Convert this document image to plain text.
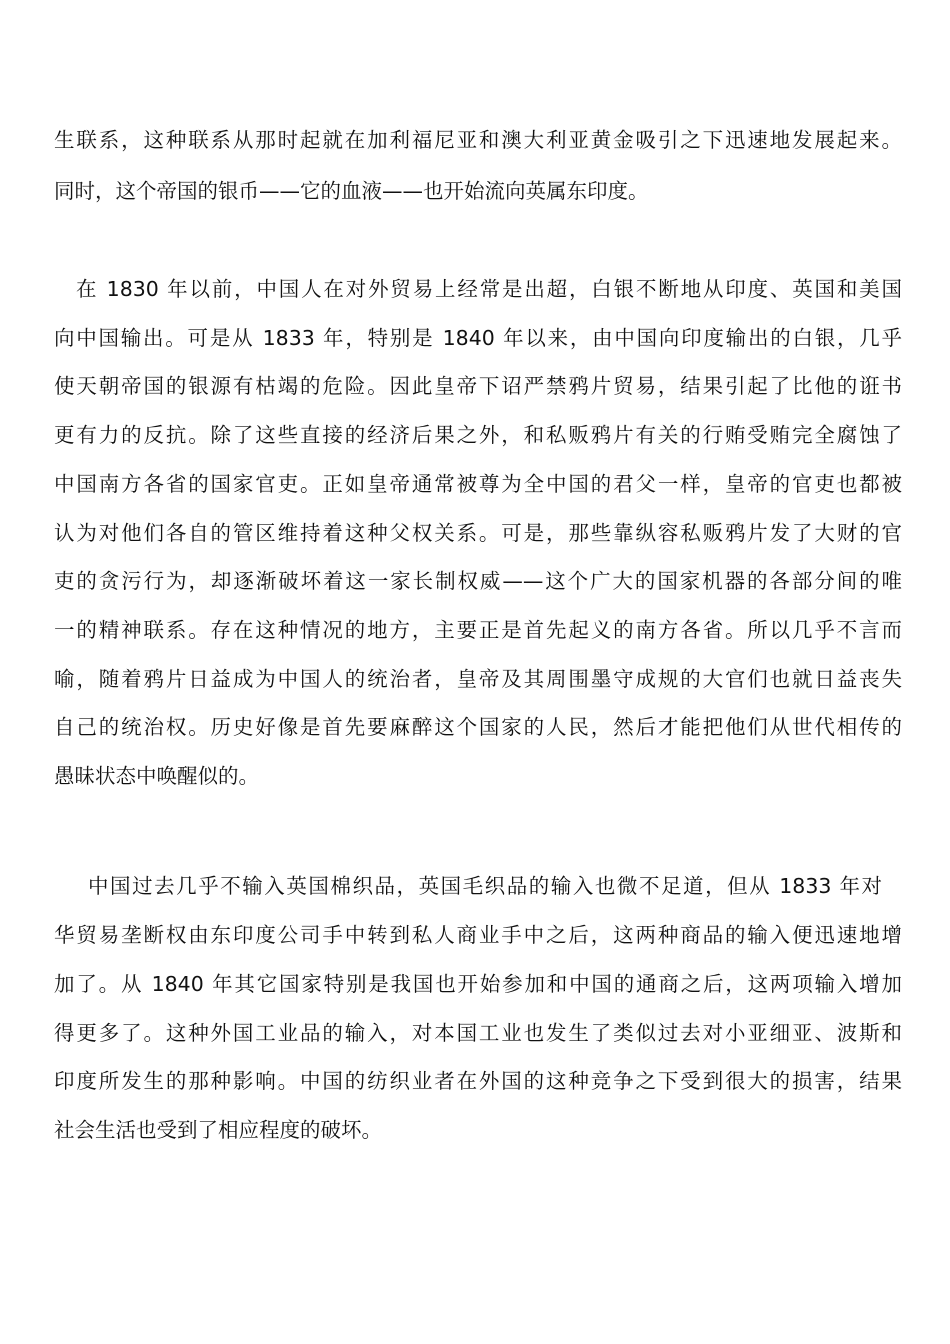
生联系，这种联系从那时起就在加利福尼亚和澳大利亚黄金吸引之下迅速地发展起来。
同时，这个帝国的银币——它的血液——也开始流向英属东印度。
在 1830 年以前，中国人在对外贸易上经常是出超，白银不断地从印度、英国和美国
向中国输出。可是从 1833 年，特别是 1840 年以来，由中国向印度输出的白银，几乎
使天朝帝国的银源有枯竭的危险。因此皇帝下诏严禁鸦片贸易，结果引起了比他的诳书
更有力的反抗。除了这些直接的经济后果之外，和私贩鸦片有关的行贿受贿完全腐蚀了
中国南方各省的国家官吏。正如皇帝通常被尊为全中国的君父一样，皇帝的官吏也都被
认为对他们各自的管区维持着这种父权关系。可是，那些靠纵容私贩鸦片发了大财的官
吏的贪污行为，却逐渐破坏着这一家长制权威——这个广大的国家机器的各部分间的唯
一的精神联系。存在这种情况的地方，主要正是首先起义的南方各省。所以几乎不言而
喻，随着鸦片日益成为中国人的统治者，皇帝及其周围墨守成规的大官们也就日益丧失
自己的统治权。历史好像是首先要麻醉这个国家的人民，然后才能把他们从世代相传的
愚昧状态中唤醒似的。
中国过去几乎不输入英国棉织品，英国毛织品的输入也微不足道，但从 1833 年对
华贸易垄断权由东印度公司手中转到私人商业手中之后，这两种商品的输入便迅速地增
加了。从 1840 年其它国家特别是我国也开始参加和中国的通商之后，这两项输入增加
得更多了。这种外国工业品的输入，对本国工业也发生了类似过去对小亚细亚、波斯和
印度所发生的那种影响。中国的纺织业者在外国的这种竞争之下受到很大的损害，结果
社会生活也受到了相应程度的破坏。
